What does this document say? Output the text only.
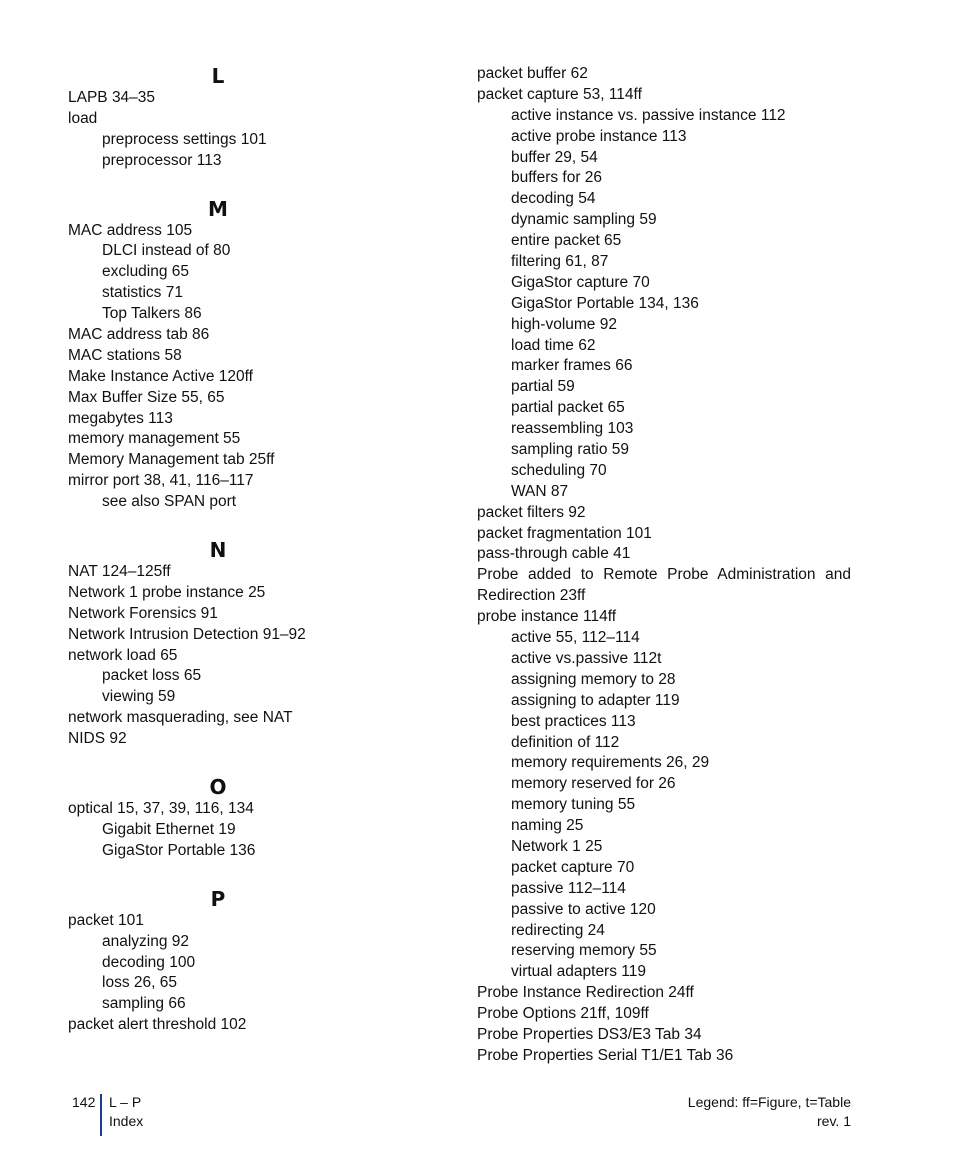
L
LAPB 34–35
load
preprocess settings 101
preprocessor 113
M
MAC address 105
DLCI instead of 80
excluding 65
statistics 71
Top Talkers 86
MAC address tab 86
MAC stations 58
Make Instance Active 120ff
Max Buffer Size 55, 65
megabytes 113
memory management 55
Memory Management tab 25ff
mirror port 38, 41, 116–117
see also SPAN port
N
NAT 124–125ff
Network 1 probe instance 25
Network Forensics 91
Network Intrusion Detection 91–92
network load 65
packet loss 65
viewing 59
network masquerading, see NAT
NIDS 92
O
optical 15, 37, 39, 116, 134
Gigabit Ethernet 19
GigaStor Portable 136
P
packet 101
analyzing 92
decoding 100
loss 26, 65
sampling 66
packet alert threshold 102
packet buffer 62
packet capture 53, 114ff
active instance vs. passive instance 112
active probe instance 113
buffer 29, 54
buffers for 26
decoding 54
dynamic sampling 59
entire packet 65
filtering 61, 87
GigaStor capture 70
GigaStor Portable 134, 136
high-volume 92
load time 62
marker frames 66
partial 59
partial packet 65
reassembling 103
sampling ratio 59
scheduling 70
WAN 87
packet filters 92
packet fragmentation 101
pass-through cable 41
Probe added to Remote Probe Administration and Redirection 23ff
probe instance 114ff
active 55, 112–114
active vs.passive 112t
assigning memory to 28
assigning to adapter 119
best practices 113
definition of 112
memory requirements 26, 29
memory reserved for 26
memory tuning 55
naming 25
Network 1 25
packet capture 70
passive 112–114
passive to active 120
redirecting 24
reserving memory 55
virtual adapters 119
Probe Instance Redirection 24ff
Probe Options 21ff, 109ff
Probe Properties DS3/E3 Tab 34
Probe Properties Serial T1/E1 Tab 36
142 L – P
Index
Legend: ff=Figure, t=Table
rev. 1
